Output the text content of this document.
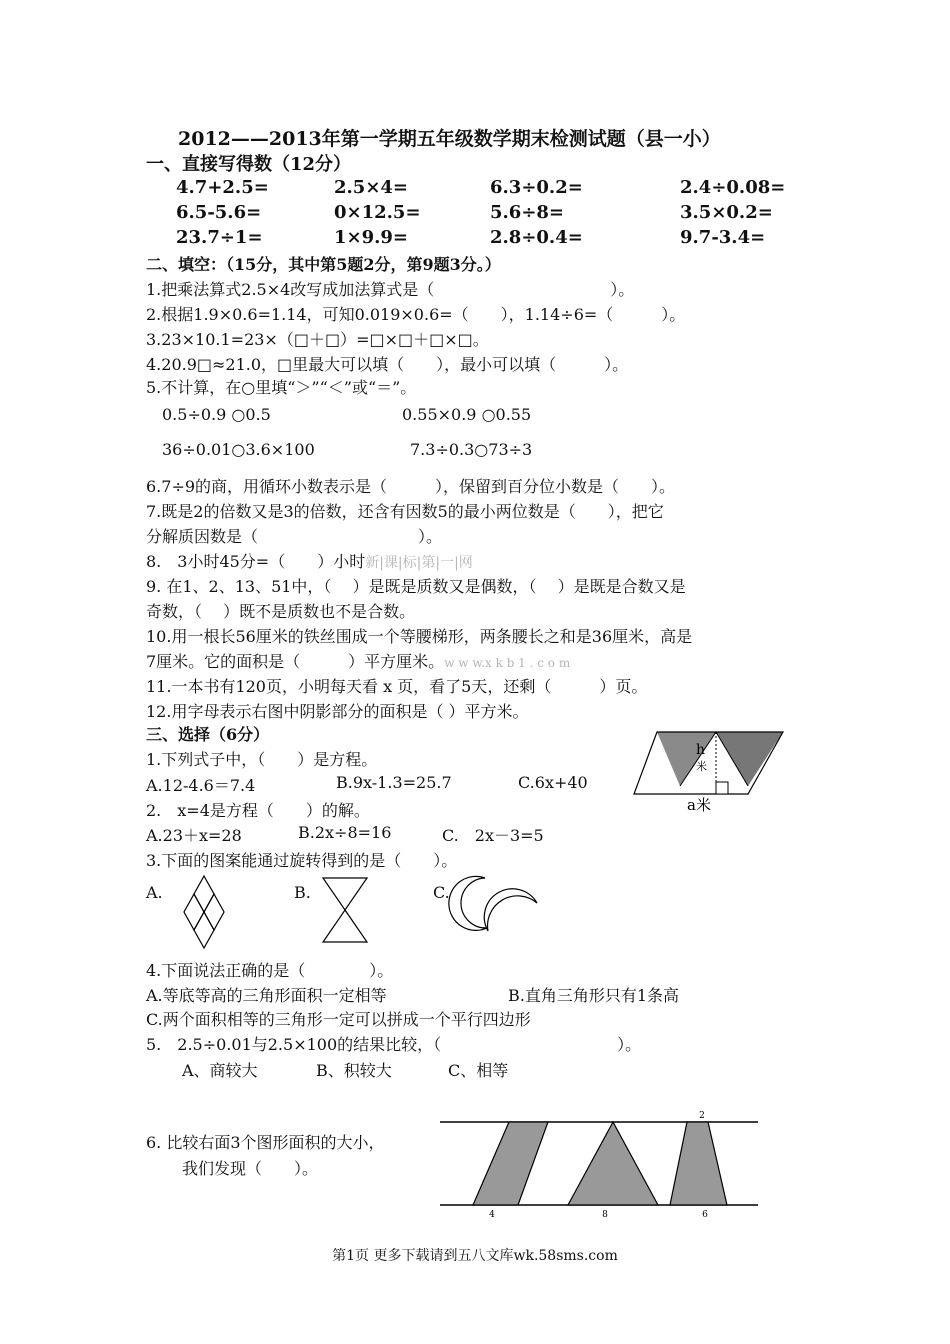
2012——2013年第一学期五年级数学期末检测试题（县一小）
一、直接写得数（12分）
4.7+2.5=	2.5×4=	6.3÷0.2=	2.4÷0.08=
6.5-5.6=	0×12.5=	5.6÷8=	3.5×0.2=
23.7÷1=	1×9.9=	2.8÷0.4=	9.7-3.4=
二、填空：（15分，其中第5题2分，第9题3分。）
1.把乘法算式2.5×4改写成加法算式是（　　　　　　　　　　　）。
2.根据1.9×0.6=1.14，可知0.019×0.6=（　　），1.14÷6=（　　　）。
3.23×10.1=23×（□＋□）=□×□＋□×□。
4.20.9□≈21.0，□里最大可以填（　　），最小可以填（　　　）。
5.不计算，在○里填“＞”“＜”或“＝”。
0.5÷0.9 ○0.5	0.55×0.9 ○0.55
36÷0.01○3.6×100	7.3÷0.3○73÷3
6.7÷9的商，用循环小数表示是（　　　），保留到百分位小数是（　　）。
7.既是2的倍数又是3的倍数，还含有因数5的最小两位数是（　　），把它
分解质因数是（　　　　　　　　　　）。
8.　3小时45分=（　　）小时新|课|标|第|一|网
9. 在1、2、13、51中，（　 ）是既是质数又是偶数，（　 ）是既是合数又是
奇数，（　 ）既不是质数也不是合数。
10.用一根长56厘米的铁丝围成一个等腰梯形，两条腰长之和是36厘米，高是
7厘米。它的面积是（　　　）平方厘米。w w w.x k b 1 . c o m
11.一本书有120页，小明每天看 x 页，看了5天，还剩（　　　）页。
12.用字母表示右图中阴影部分的面积是（ ）平方米。
三、选择（6分）
1.下列式子中，（　　）是方程。
A.12-4.6＝7.4	B.9x-1.3=25.7	C.6x+40
2.　x=4是方程（　　）的解。
A.23＋x=28	B.2x÷8=16	C.　2x－3=5
3.下面的图案能通过旋转得到的是（　　）。
A.	B.	C.
4.下面说法正确的是（　　　　）。
A.等底等高的三角形面积一定相等	B.直角三角形只有1条高
C.两个面积相等的三角形一定可以拼成一个平行四边形
5.　2.5÷0.01与2.5×100的结果比较，（　　　　　　　　　　　）。
A、商较大	B、积较大	C、相等
6. 比较右面3个图形面积的大小，
我们发现（　　）。
h
米
a米
2
4	8	6
第1页 更多下载请到五八文库wk.58sms.com
